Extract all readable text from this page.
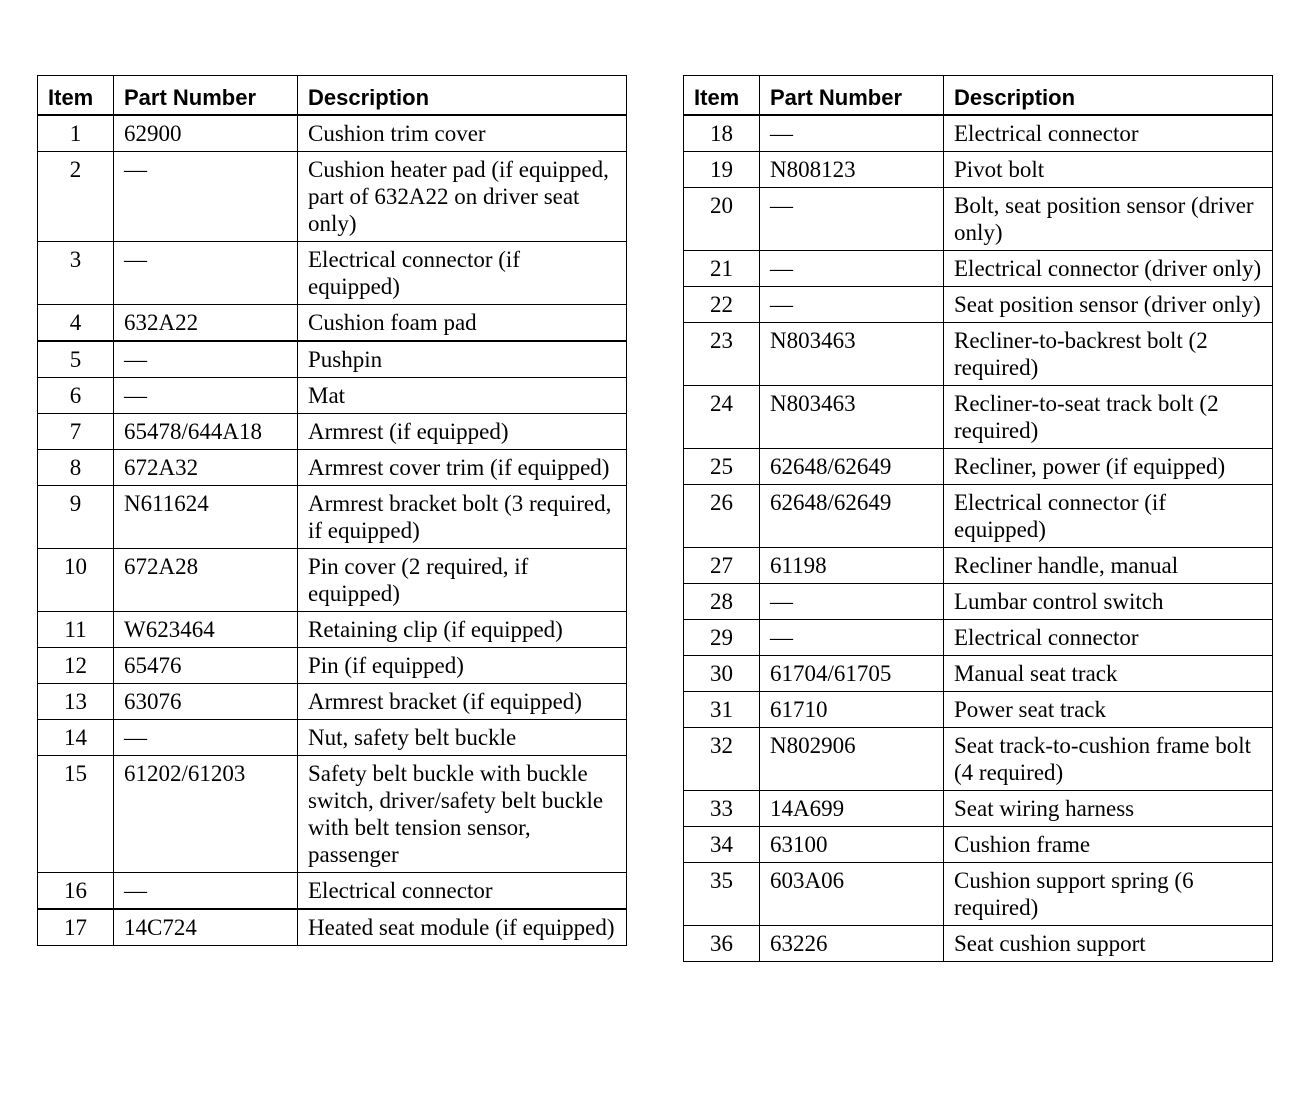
Item	Part Number	Description
1	62900	Cushion trim cover
2	—	Cushion heater pad (if equipped, part of 632A22 on driver seat only)
3	—	Electrical connector (if equipped)
4	632A22	Cushion foam pad
5	—	Pushpin
6	—	Mat
7	65478/644A18	Armrest (if equipped)
8	672A32	Armrest cover trim (if equipped)
9	N611624	Armrest bracket bolt (3 required, if equipped)
10	672A28	Pin cover (2 required, if equipped)
11	W623464	Retaining clip (if equipped)
12	65476	Pin (if equipped)
13	63076	Armrest bracket (if equipped)
14	—	Nut, safety belt buckle
15	61202/61203	Safety belt buckle with buckle switch, driver/safety belt buckle with belt tension sensor, passenger
16	—	Electrical connector
17	14C724	Heated seat module (if equipped)
Item	Part Number	Description
18	—	Electrical connector
19	N808123	Pivot bolt
20	—	Bolt, seat position sensor (driver only)
21	—	Electrical connector (driver only)
22	—	Seat position sensor (driver only)
23	N803463	Recliner-to-backrest bolt (2 required)
24	N803463	Recliner-to-seat track bolt (2 required)
25	62648/62649	Recliner, power (if equipped)
26	62648/62649	Electrical connector (if equipped)
27	61198	Recliner handle, manual
28	—	Lumbar control switch
29	—	Electrical connector
30	61704/61705	Manual seat track
31	61710	Power seat track
32	N802906	Seat track-to-cushion frame bolt (4 required)
33	14A699	Seat wiring harness
34	63100	Cushion frame
35	603A06	Cushion support spring (6 required)
36	63226	Seat cushion support
